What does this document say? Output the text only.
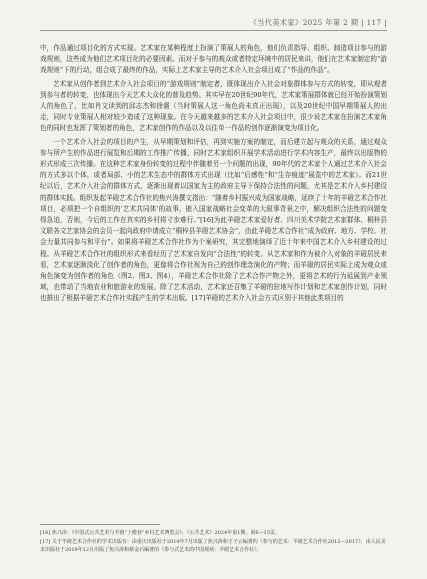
《当代美术家》2025 年第 2 期 | 117 |

中，作品通过项目化的方式实现。艺术家在某种程度上扮演了策展人的角色，他们负责指导、组织、制造项目参与的游戏规则，这些成为他们艺术项目化的必要因素。而对于参与的观众或者特定环境中的居民来讲，他们在艺术家制定的“游戏规则”下的行动，组合成了最终的作品，实际上艺术家主导的艺术介入社会项目成了“作品的作品”。

艺术家从创作者到艺术介入社会项目的“游戏规则”制定者，既体现出介入社会对象群体参与方式的转变，即从观者到参与者的转变，也体现出今天艺术大众化的普及趋势。其实早在20世纪90年代，艺术家策展群体就已经开始扮演策划人的角色了，比如肖文读到的邱志杰和徐震（当时策展人这一角色尚未真正出现），以及20世纪中国早期策展人的出走，同时专业策展人相对较少造成了这种现象。在今天越来越多的艺术介入社会项目中，很少说艺术家在扮演艺术家角色的同时也发挥了策划者的角色，艺术家创作的作品以及以往单一作品的创作逐渐演变为项目化。

一个艺术介入社会的项目的产生，从早期策划和评估，再到实施方案的制定，而后建立起与观众的关系，通过观众参与所产生的作品进行展览和后期的工作推广传播，同时艺术家组织开展学术活动进行学术内容生产，最终以出版物的形式形成三次传播。在这种艺术家身份转变的过程中伴随着另一个问题的出现，90年代的艺术家个人通过艺术介入社会的方式多以个体，或者局部、小的艺术生态中的群体方式出现（比如“后感性”和“生存痕迹”展览中的艺术家）。而21世纪以后，艺术介入社会的群体方式，逐渐出现着以国家为主的政府主导下保持合法性的问题，尤其是艺术介入乡村建设的群体实践。组织发起羊磴艺术合作社的焦兴涛撰文指出：“随着乡村振兴成为国家战略，延续了十年的羊磴艺术合作社项目，必须把一个自组织的‘艺术共同体’的故事，嵌入国家战略社会变革的大叙事背景之中，解决组织合法性的问题变得急迫，否则，今后的工作在真实的乡村将寸步难行。”[16]为此羊磴艺术家爱好者、四川美术学院艺术家群体、桐梓县文联各文艺家协会的会员一起向政府申请成立“桐梓县羊磴艺术协会”，由此羊磴艺术合作社“成为政府、地方、学校、社会力量共同参与和平台”。如果将羊磴艺术合作社作为个案研究，其完整地演绎了近十年来中国艺术介入乡村建设的过程。从羊磴艺术合作社的组织形式来看经历了艺术家自发向“合法性”的转变。从艺术家和作为被介入对象的羊磴居民来看，艺术家逐渐淡化了创作者的角色，更像将合作社视为自己的创作理念演化的产物；而羊磴的居民实际上成为观众或角色演变为创作者的角色（图2、图3、图4），羊磴艺术合作社除了艺术合作产物之外，更将艺术的行为延展到产业领域，也带动了当地农业和旅游业的发展。除了艺术活动，艺术家还召集了羊磴的驻地写作计划和艺术家创作计划，同时也推出了根据羊磴艺术合作社实践产生的学术出版。[17]羊磴的艺术介入社会方式区别于其他此类项目的

[16] 焦兴涛：《中国式公共艺术与羊磴“土殿巷”乡村艺术博览会》，《公共艺术》2024年第1期，第6—15页。

[17] 关于羊磴艺术合作社的学术出版有：由重庆出版社于2019年7月出版了焦兴涛和王子云编著的《参与的艺术：羊磴艺术合作社2012—2017》，由人民美术出版社于2019年12月出版了焦兴涛和蔡金石编著的《参与式艺术的中国现场：羊磴艺术合作社》。
